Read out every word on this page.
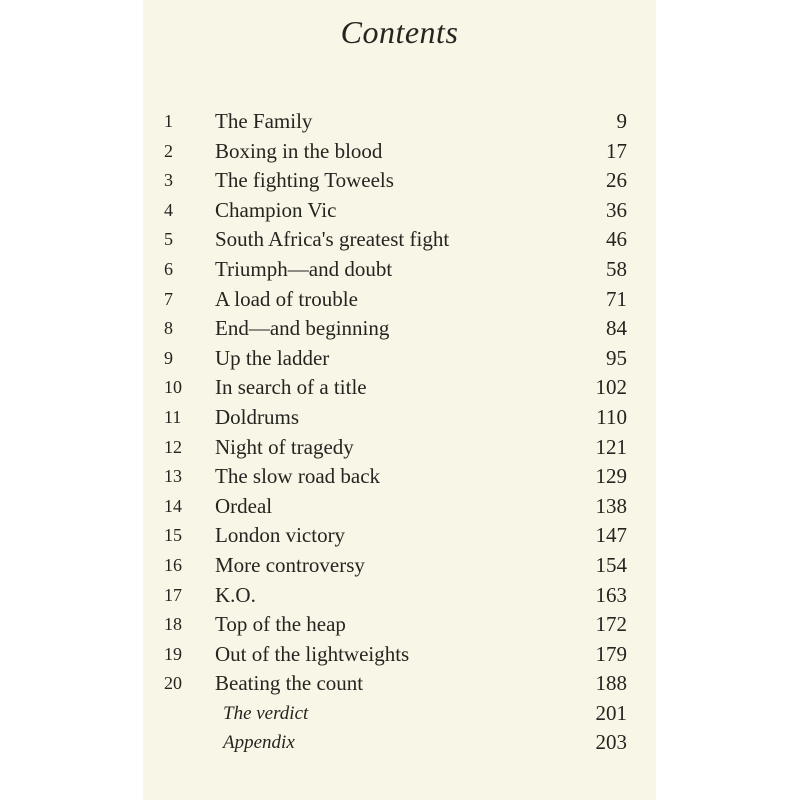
Contents
1	The Family	9
2	Boxing in the blood	17
3	The fighting Toweels	26
4	Champion Vic	36
5	South Africa's greatest fight	46
6	Triumph—and doubt	58
7	A load of trouble	71
8	End—and beginning	84
9	Up the ladder	95
10	In search of a title	102
11	Doldrums	110
12	Night of tragedy	121
13	The slow road back	129
14	Ordeal	138
15	London victory	147
16	More controversy	154
17	K.O.	163
18	Top of the heap	172
19	Out of the lightweights	179
20	Beating the count	188
The verdict	201
Appendix	203
